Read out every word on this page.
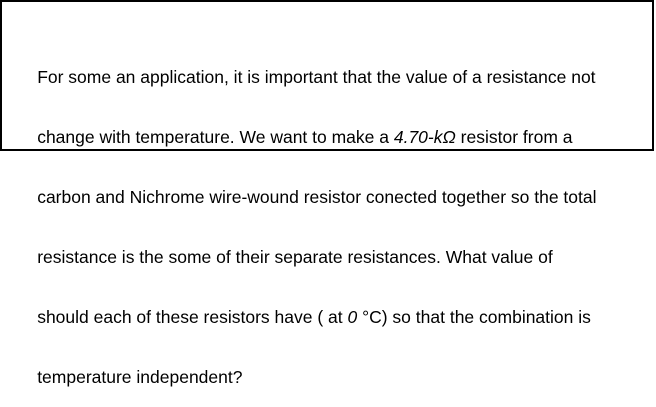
For some an application, it is important that the value of a resistance not

change with temperature. We want to make a 4.70-kΩ resistor from a

carbon and Nichrome wire-wound resistor conected together so the total

resistance is the some of their separate resistances. What value of

should each of these resistors have ( at 0 °C) so that the combination is

temperature independent?
